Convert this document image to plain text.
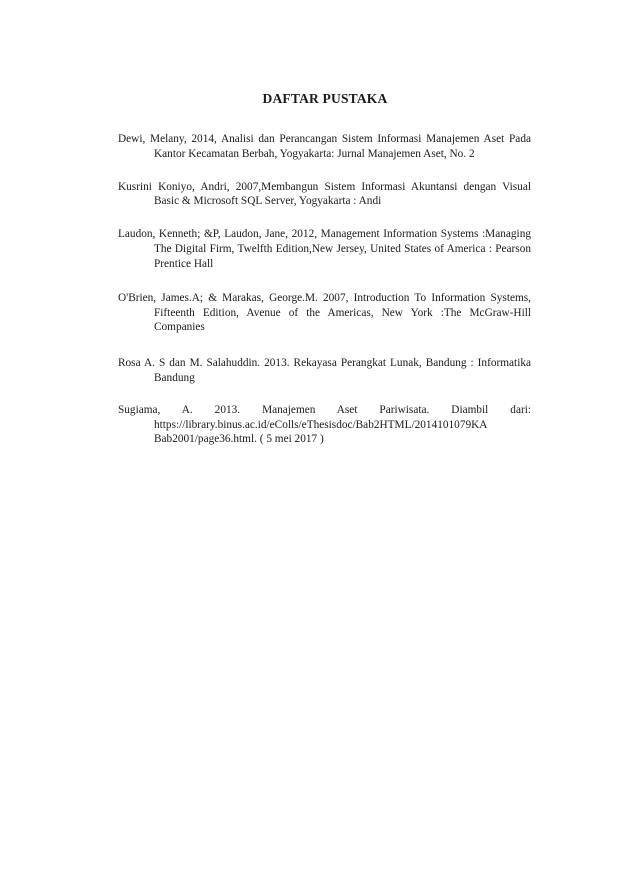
DAFTAR PUSTAKA

Dewi, Melany, 2014, Analisi dan Perancangan Sistem Informasi Manajemen Aset Pada Kantor Kecamatan Berbah, Yogyakarta: Jurnal Manajemen Aset, No. 2

Kusrini Koniyo, Andri, 2007,Membangun Sistem Informasi Akuntansi dengan Visual Basic & Microsoft SQL Server, Yogyakarta : Andi

Laudon, Kenneth; &P, Laudon, Jane, 2012, Management Information Systems :Managing The Digital Firm, Twelfth Edition,New Jersey, United States of America : Pearson Prentice Hall

O'Brien, James.A; & Marakas, George.M. 2007, Introduction To Information Systems, Fifteenth Edition, Avenue of the Americas, New York :The McGraw-Hill Companies

Rosa A. S dan M. Salahuddin. 2013. Rekayasa Perangkat Lunak, Bandung : Informatika Bandung

Sugiama, A. 2013. Manajemen Aset Pariwisata. Diambil dari: https://library.binus.ac.id/eColls/eThesisdoc/Bab2HTML/2014101079KA Bab2001/page36.html. ( 5 mei 2017 )
